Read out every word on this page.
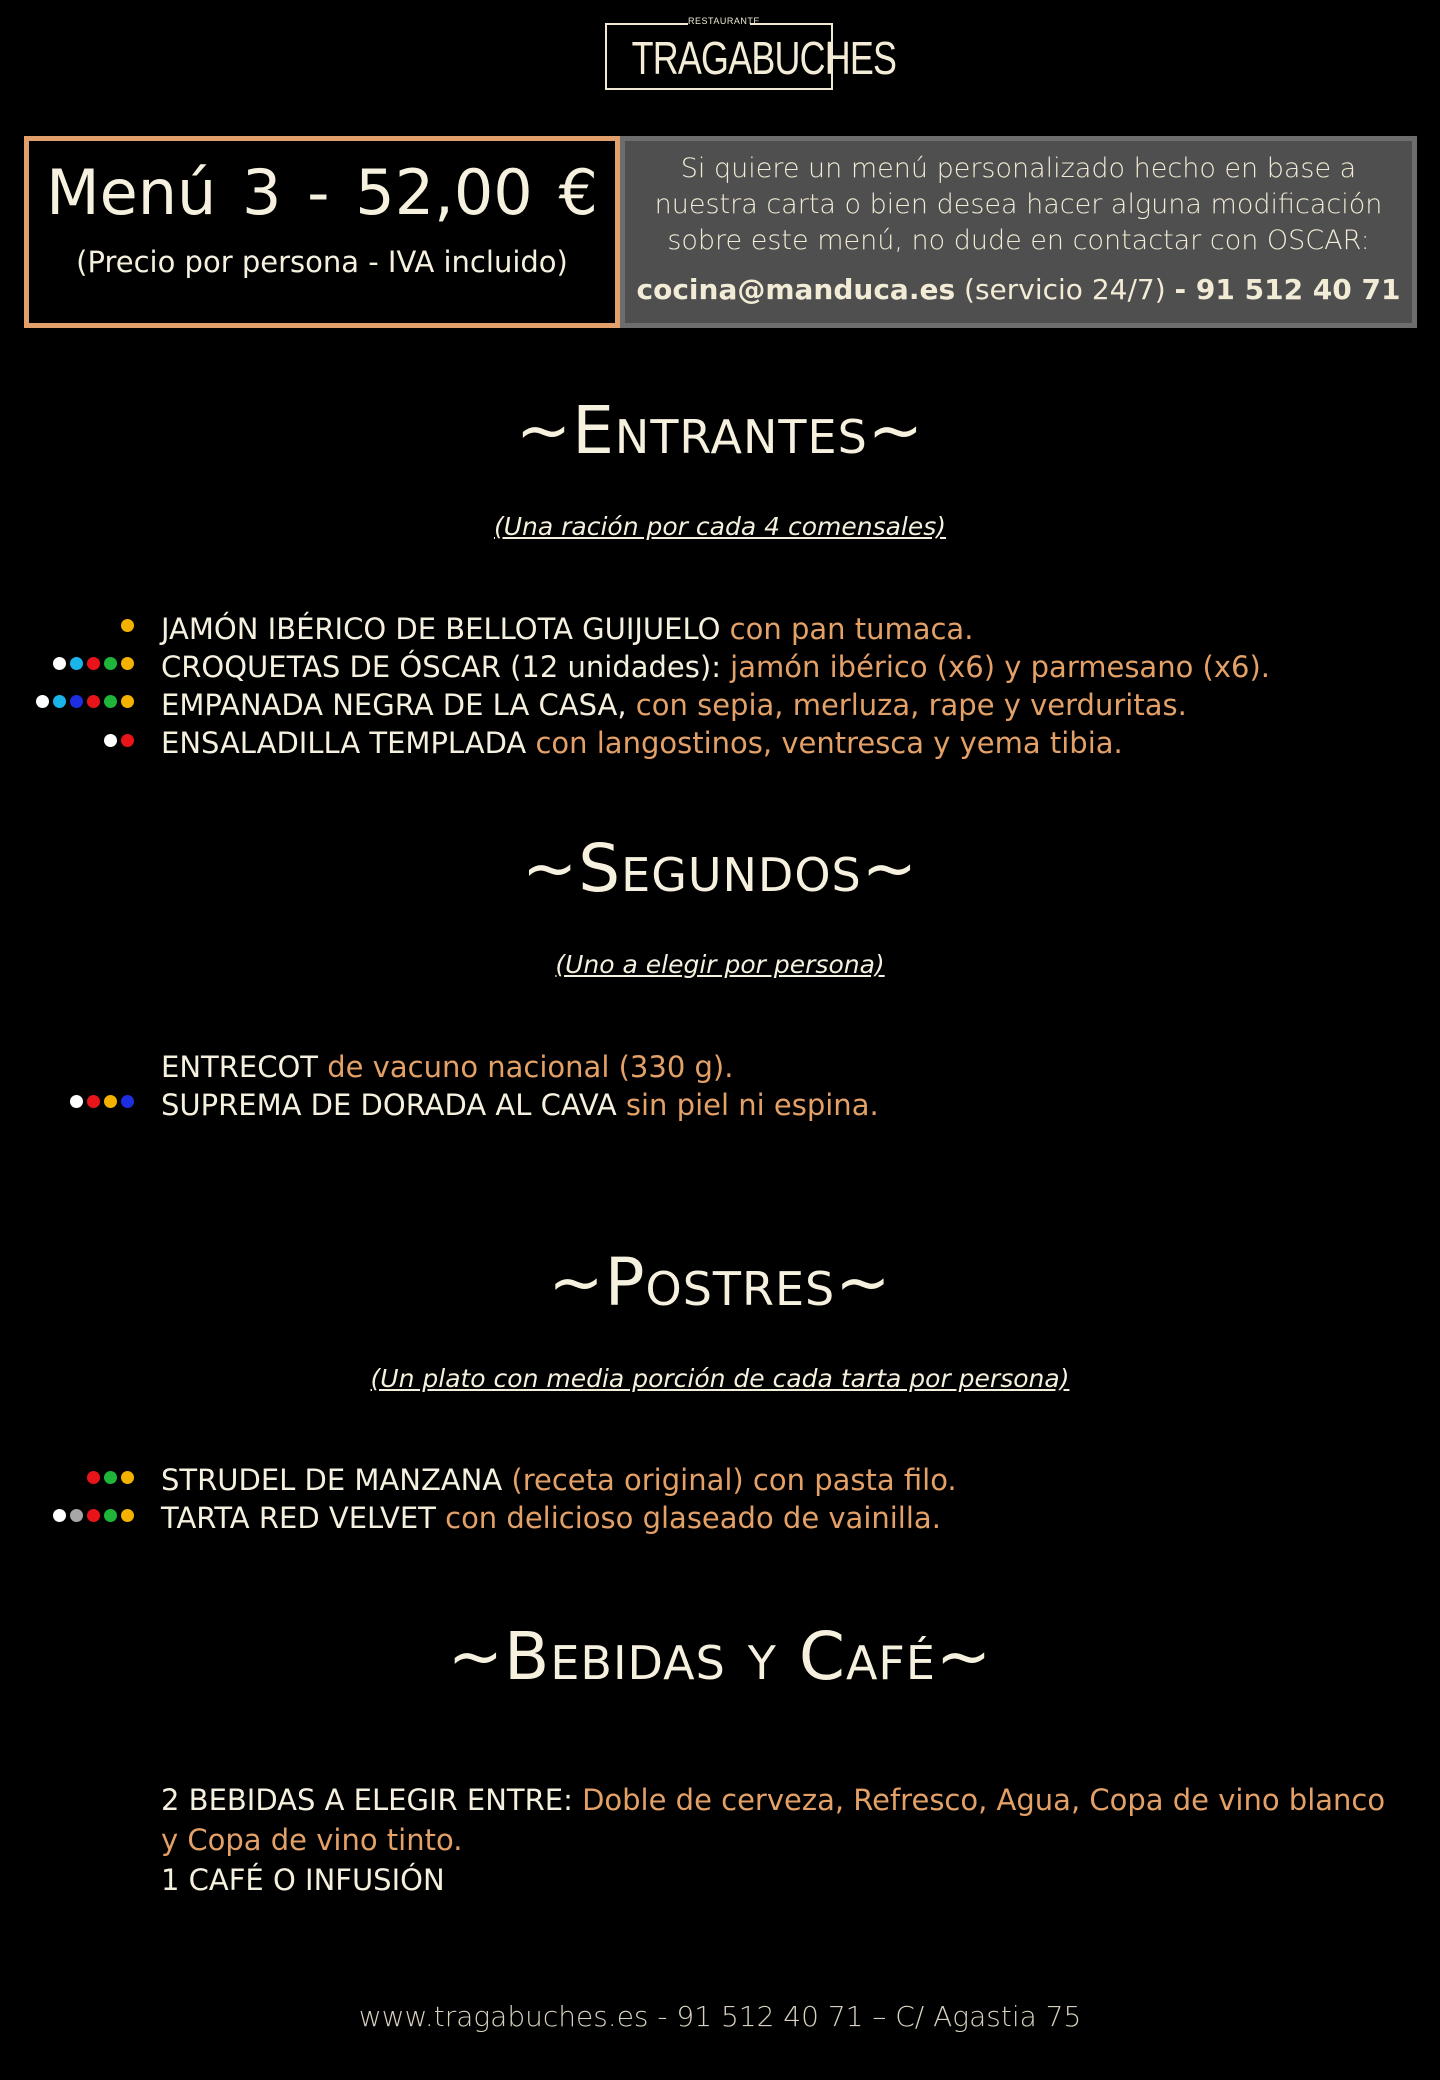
RESTAURANTE
TRAGABUCHES
Menú 3 - 52,00 €
(Precio por persona - IVA incluido)
Si quiere un menú personalizado hecho en base a nuestra carta o bien desea hacer alguna modificación sobre este menú, no dude en contactar con OSCAR:
cocina@manduca.es (servicio 24/7) - 91 512 40 71
~Entrantes~
(Una ración por cada 4 comensales)
JAMÓN IBÉRICO DE BELLOTA GUIJUELO con pan tumaca.
CROQUETAS DE ÓSCAR (12 unidades): jamón ibérico (x6) y parmesano (x6).
EMPANADA NEGRA DE LA CASA, con sepia, merluza, rape y verduritas.
ENSALADILLA TEMPLADA con langostinos, ventresca y yema tibia.
~Segundos~
(Uno a elegir por persona)
ENTRECOT de vacuno nacional (330 g).
SUPREMA DE DORADA AL CAVA sin piel ni espina.
~Postres~
(Un plato con media porción de cada tarta por persona)
STRUDEL DE MANZANA (receta original) con pasta filo.
TARTA RED VELVET con delicioso glaseado de vainilla.
~Bebidas y Café~
2 BEBIDAS A ELEGIR ENTRE: Doble de cerveza, Refresco, Agua, Copa de vino blanco y Copa de vino tinto.
1 CAFÉ O INFUSIÓN
www.tragabuches.es - 91 512 40 71 – C/ Agastia 75
